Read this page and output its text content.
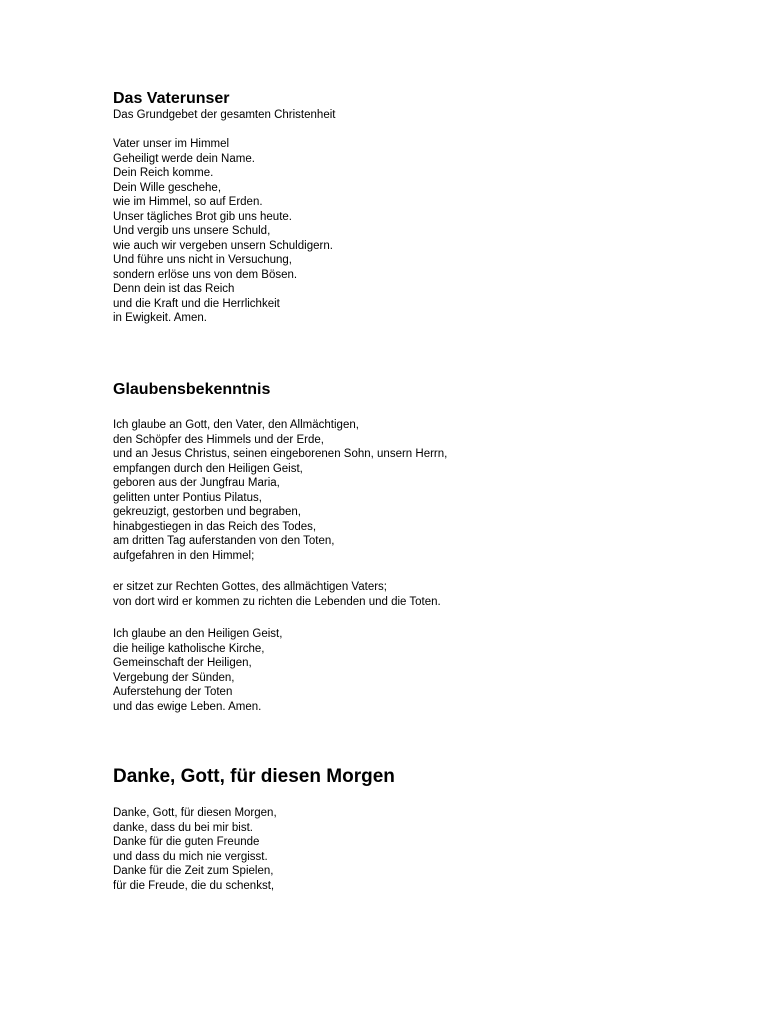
Das Vaterunser

Das Grundgebet der gesamten Christenheit

Vater unser im Himmel

Geheiligt werde dein Name.

Dein Reich komme.

Dein Wille geschehe,

wie im Himmel, so auf Erden.

Unser tägliches Brot gib uns heute.

Und vergib uns unsere Schuld,

wie auch wir vergeben unsern Schuldigern.

Und führe uns nicht in Versuchung,

sondern erlöse uns von dem Bösen.

Denn dein ist das Reich

und die Kraft und die Herrlichkeit

in Ewigkeit. Amen.

Glaubensbekenntnis

Ich glaube an Gott, den Vater, den Allmächtigen,

den Schöpfer des Himmels und der Erde,

und an Jesus Christus, seinen eingeborenen Sohn, unsern Herrn,

empfangen durch den Heiligen Geist,

geboren aus der Jungfrau Maria,

gelitten unter Pontius Pilatus,

gekreuzigt, gestorben und begraben,

hinabgestiegen in das Reich des Todes,

am dritten Tag auferstanden von den Toten,

aufgefahren in den Himmel;

er sitzet zur Rechten Gottes, des allmächtigen Vaters;

von dort wird er kommen zu richten die Lebenden und die Toten.

Ich glaube an den Heiligen Geist,

die heilige katholische Kirche,

Gemeinschaft der Heiligen,

Vergebung der Sünden,

Auferstehung der Toten

und das ewige Leben. Amen.

Danke, Gott, für diesen Morgen

Danke, Gott, für diesen Morgen,

danke, dass du bei mir bist.

Danke für die guten Freunde

und dass du mich nie vergisst.

Danke für die Zeit zum Spielen,

für die Freude, die du schenkst,
